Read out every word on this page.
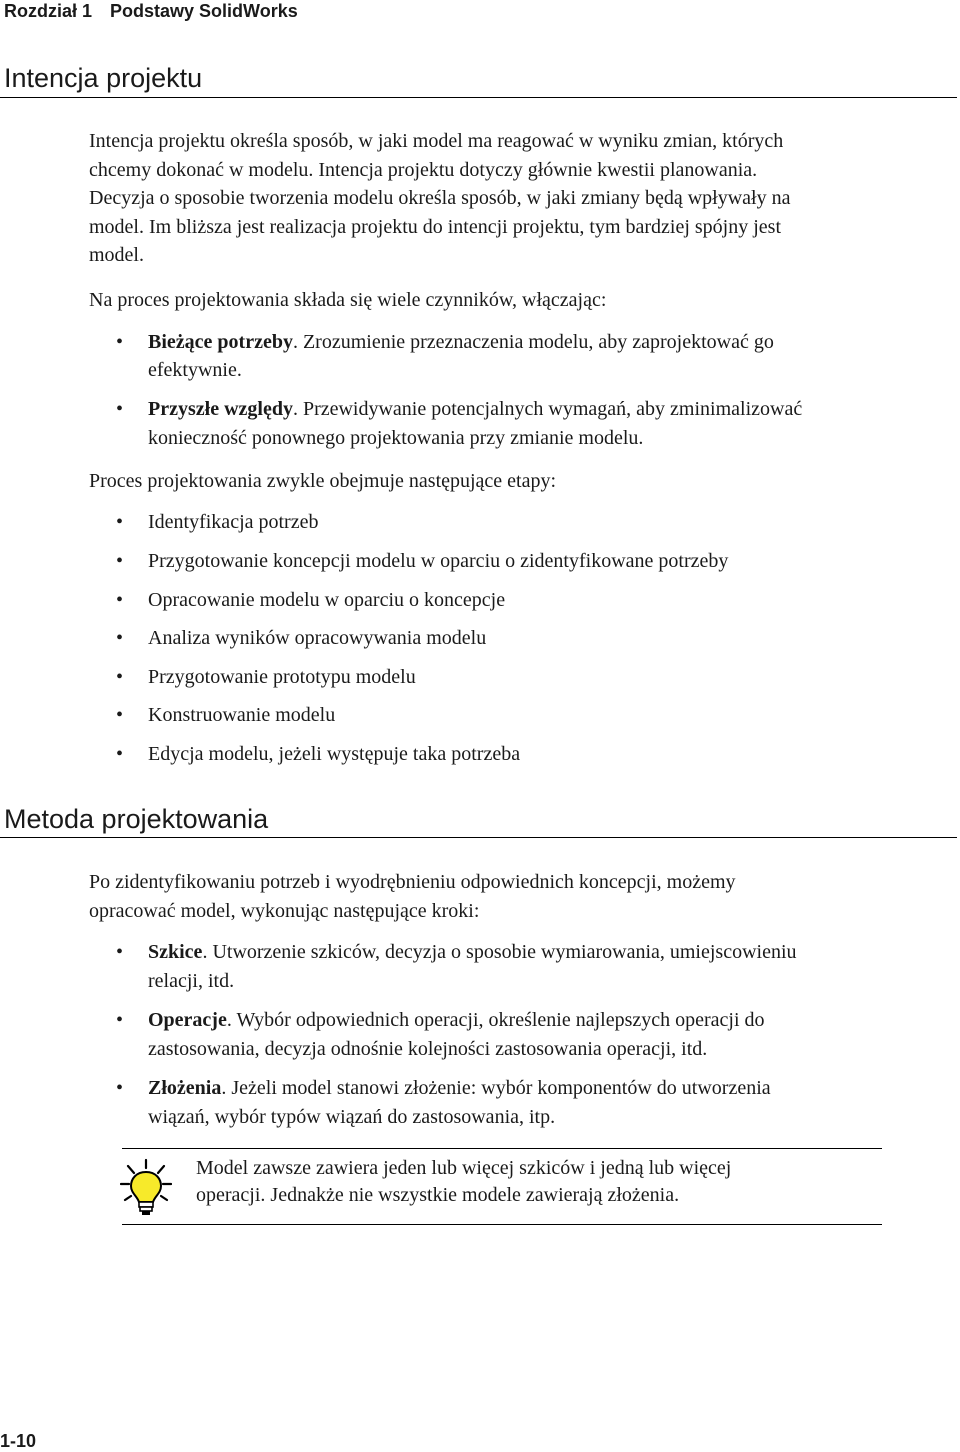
Rozdział 1 Podstawy SolidWorks
Intencja projektu
Intencja projektu określa sposób, w jaki model ma reagować w wyniku zmian, których
chcemy dokonać w modelu. Intencja projektu dotyczy głównie kwestii planowania.
Decyzja o sposobie tworzenia modelu określa sposób, w jaki zmiany będą wpływały na
model. Im bliższa jest realizacja projektu do intencji projektu, tym bardziej spójny jest
model.
Na proces projektowania składa się wiele czynników, włączając:
• Bieżące potrzeby. Zrozumienie przeznaczenia modelu, aby zaprojektować go
efektywnie.
• Przyszłe względy. Przewidywanie potencjalnych wymagań, aby zminimalizować
konieczność ponownego projektowania przy zmianie modelu.
Proces projektowania zwykle obejmuje następujące etapy:
• Identyfikacja potrzeb
• Przygotowanie koncepcji modelu w oparciu o zidentyfikowane potrzeby
• Opracowanie modelu w oparciu o koncepcje
• Analiza wyników opracowywania modelu
• Przygotowanie prototypu modelu
• Konstruowanie modelu
• Edycja modelu, jeżeli występuje taka potrzeba
Metoda projektowania
Po zidentyfikowaniu potrzeb i wyodrębnieniu odpowiednich koncepcji, możemy
opracować model, wykonując następujące kroki:
• Szkice. Utworzenie szkiców, decyzja o sposobie wymiarowania, umiejscowieniu
relacji, itd.
• Operacje. Wybór odpowiednich operacji, określenie najlepszych operacji do
zastosowania, decyzja odnośnie kolejności zastosowania operacji, itd.
• Złożenia. Jeżeli model stanowi złożenie: wybór komponentów do utworzenia
wiązań, wybór typów wiązań do zastosowania, itp.
Model zawsze zawiera jeden lub więcej szkiców i jedną lub więcej
operacji. Jednakże nie wszystkie modele zawierają złożenia.
1-10
